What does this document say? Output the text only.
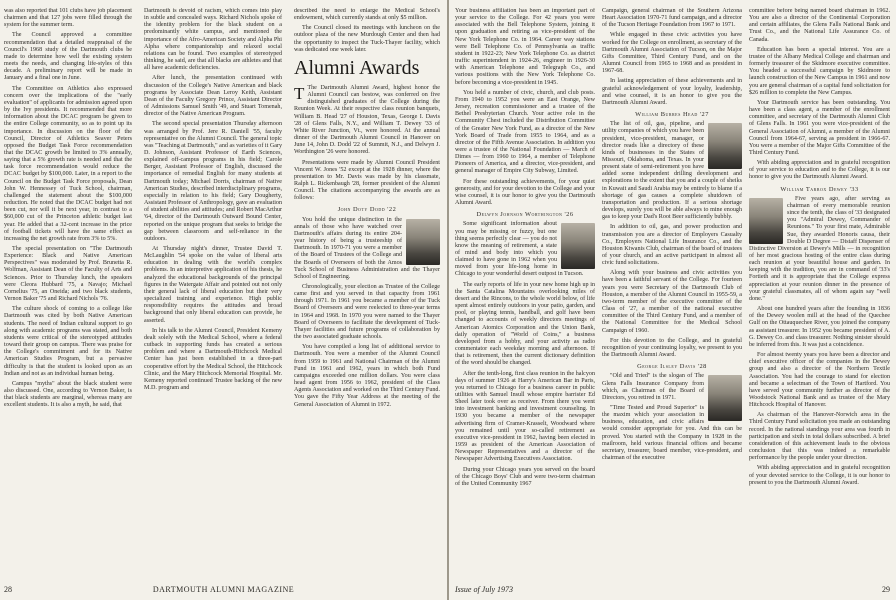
was also reported that 101 clubs have job placement chairmen and that 127 jobs were filled through the system for the summer term.

The Council approved a committee recommendation that a detailed reappraisal of the Council's 1968 study of the Dartmouth clubs be made to determine how well the existing system meets the needs, and changing life-styles of this decade. A preliminary report will be made in January and a final one in June.

The Committee on Athletics also expressed concern over the implications of the "early evaluation" of applicants for admission agreed upon by the Ivy presidents. It recommended that more information about the DCAC program be given to the entire College community, so as to point up its importance. In discussion on the floor of the Council, Director of Athletics Seaver Peters opposed the Budget Task Force recommendation that the DCAC growth be limited to 3% annually, saying that a 5% growth rate is needed and that the task force recommendation would reduce the DCAC budget by $100,000. Later, in a report to the Council on the Budget Task Force proposals, Dean John W. Hennessey of Tuck School, chairman, challenged the statement about the $100,000 reduction. He noted that the DCAC budget had not been cut, nor will it be next year, in contrast to a $60,000 cut of the Princeton athletic budget last year. He added that a 32-cent increase in the price of football tickets will have the same effect as increasing the net growth rate from 3% to 5%.

The special presentation on "The Dartmouth Experience: Black and Native American Perspectives" was moderated by Prof. Brunetta R. Wolfman, Assistant Dean of the Faculty of Arts and Sciences. Prior to Thursday lunch, the speakers were Cleora Hubbard '75, a Navajo; Michael Cornelius '75, an Oneida; and two black students, Vernon Baker '75 and Richard Nichols '76.

The culture shock of coming to a college like Dartmouth was cited by both Native American students. The need of Indian cultural support to go along with academic programs was stated, and both students were critical of the stereotyped attitudes toward their group on campus. There was praise for the College's commitment and for its Native American Studies Program, but a pervasive difficulty is that the student is looked upon as an Indian and not as an individual human being.

Campus "myths" about the black student were also discussed. One, according to Vernon Baker, is that black students are marginal, whereas many are excellent students. It is also a myth, he said, that

Dartmouth is devoid of racism, which comes into play in subtle and concealed ways. Richard Nichols spoke of the identity problem for the black student on a predominantly white campus, and mentioned the importance of the Afro-American Society and Alpha Phi Alpha where companionship and relaxed social relations can be found. Two examples of stereotyped thinking, he said, are that all blacks are athletes and that all have academic deficiencies.

After lunch, the presentation continued with discussion of the College's Native American and black programs by Associate Dean Leroy Keith, Assistant Dean of the Faculty Gregory Prince, Assistant Director of Admissions Samuel Smith '49, and Stuart Tomenah, director of the Native American Program.

The second special presentation Thursday afternoon was arranged by Prof. Jere R. Daniell '55, faculty representative on the Alumni Council. The general topic was "Teaching at Dartmouth," and as varieties of it Gary D. Johnson, Assistant Professor of Earth Sciences, explained off-campus programs in his field; Carole Berger, Assistant Professor of English, discussed the importance of remedial English for many students at Dartmouth today; Michael Dorris, chairman of Native American Studies, described interdisciplinary programs, especially in relation to his field; Gary Dougherty, Assistant Professor of Anthropology, gave an evaluation of student abilities and attitudes; and Robert MacArthur '64, director of the Dartmouth Outward Bound Center, reported on the unique program that seeks to bridge the gap between classroom and self-reliance in the outdoors.

At Thursday night's dinner, Trustee David T. McLaughlin '54 spoke on the value of liberal arts education in dealing with the world's complex problems. In an interpretive application of his thesis, he analyzed the educational backgrounds of the principal figures in the Watergate Affair and pointed out not only their general lack of liberal education but their very specialized training and experience. High public responsibility requires the attitudes and broad background that only liberal education can provide, he asserted.

In his talk to the Alumni Council, President Kemeny dealt solely with the Medical School, where a federal cutback in supporting funds has created a serious problem and where a Dartmouth-Hitchcock Medical Center has just been established in a three-part cooperative effort by the Medical School, the Hitchcock Clinic, and the Mary Hitchcock Memorial Hospital. Mr. Kemeny reported continued Trustee backing of the new M.D. program and

described the need to enlarge the Medical School's endowment, which currently stands at only $5 million.

The Council closed its meetings with luncheon on the outdoor plaza of the new Murdough Center and then had the opportunity to inspect the Tuck-Thayer facility, which was dedicated one week later.

Alumni Awards

T The Dartmouth Alumni Award, highest honor the Alumni Council can bestow, was conferred on five distinguished graduates of the College during the Reunion Week. At their respective class reunion banquets, William B. Head '27 of Houston, Texas, George I. Davis '28 of Glens Falls, N.Y., and William T. Dewey '33 of White River Junction, Vt., were honored. At the annual dinner of the Dartmouth Alumni Council in Hanover on June 14, John D. Dodd '22 of Summit, N.J., and Delwyn J. Worthington '26 were honored.

Presentations were made by Alumni Council President Vincent W. Jones '52 except at the 1928 dinner, where the presentation to Mr. Davis was made by his classmate, Ralph L. Rickenbaugh '28, former president of the Alumni Council. The citations accompanying the awards are as follows:

John Doty Dodd '22

You hold the unique distinction in the annals of those who have watched over Dartmouth's affairs during its entire 204-year history of being a trusteeship of Dartmouth. In 1970-71 you were a member of the Board of Trustees of the College and the Boards of Overseers of both the Amos Tuck School of Business Administration and the Thayer School of Engineering.

Chronologically, your election as Trustee of the College came first and you served in that capacity from 1961 through 1971. In 1961 you became a member of the Tuck Board of Overseers and were reelected to three-year terms in 1964 and 1968. In 1970 you were named to the Thayer Board of Overseers to facilitate the development of Tuck-Thayer facilities and future programs of collaboration by the two associated graduate schools.

You have compiled a long list of additional service to Dartmouth. You were a member of the Alumni Council from 1959 to 1961 and National Chairman of the Alumni Fund in 1961 and 1962, years in which both Fund campaigns exceeded one million dollars. You were class head agent from 1956 to 1962, president of the Class Agents Association and worked on the Third Century Fund. You gave the Fifty Year Address at the meeting of the General Association of Alumni in 1972.

28	DARTMOUTH ALUMNI MAGAZINE

Your business affiliation has been an important part of your service to the College. For 42 years you were associated with the Bell Telephone System, joining it upon graduation and retiring as vice-president of the New York Telephone Co. in 1964. Career way stations were Bell Telephone Co. of Pennsylvania as traffic student in 1922-23; New York Telephone Co. as district traffic superintendent in 1924-26, engineer in 1926-30 with American Telephone and Telegraph Co., and various positions with the New York Telephone Co. before becoming a vice-president in 1945.

You held a number of civic, church, and club posts. From 1940 to 1952 you were an East Orange, New Jersey, recreation commissioner and a trustee of the Bethel Presbyterian Church. Your active role in the Community Chest included the Distribution Committee of the Greater New York Fund, as a director of the New York Board of Trade from 1955 to 1964, and as a director of the Fifth Avenue Association. In addition you were a trustee of the National Foundation — March of Dimes — from 1960 to 1964, a member of Telephone Pioneers of America, and a director, vice-president, and general manager of Empire City Subway, Limited.

For these outstanding achievements, for your quiet generosity, and for your devotion to the College and your wise counsel, it is our honor to give you the Dartmouth Alumni Award.

Delwyn Johnson Worthington '26

Some significant information about you may be missing or fuzzy, but one thing seems perfectly clear — you do not know the meaning of retirement, a state of mind and body into which you claimed to have gone in 1962 when you moved from your life-long home in Chicago to your wonderful desert outpost in Tucson.

The early reports of life in your new home high up in the Santa Catalina Mountains overlooking miles of desert and the Rincons, to the whole world below, of life spent almost entirely outdoors in your patio, garden, and pool, or playing tennis, handball, and golf have been changed to accounts of weekly directors meetings of American Atomics Corporation and the Union Bank, daily operation of "World of Coins," a business developed from a hobby, and your activity as radio commentator each weekday morning and afternoon. If that is retirement, then the current dictionary definition of the word should be changed.

After the tenth-long, first class reunion in the halcyon days of summer 1926 at Harry's American Bar in Paris, you returned to Chicago for a business career in public utilities with Samuel Insull whose empire barrister Ed Sheel later took over as receiver. From there you went into investment banking and investment counseling. In 1930 you became a member of the newspaper advertising firm of Cramer-Krasselt, Woodward where you remained until your so-called retirement as executive vice-president in 1962, having been elected in 1959 as president of the American Association of Newspaper Representatives and a director of the Newspaper Advertising Executives Association.

During your Chicago years you served on the board of the Chicago Boys' Club and were two-term chairman of the United Community 1967

Campaign, general chairman of the Southern Arizona Heart Association 1970-71 fund campaign, and a director of the Tucson Heritage Foundation from 1967 to 1971.

While engaged in these civic activities you have worked for the College on enrollment, as secretary of the Dartmouth Alumni Association of Tucson, on the Major Gifts Committee, Third Century Fund, and on the Alumni Council from 1965 to 1968 and as president in 1967-68.

In lasting appreciation of these achievements and in grateful acknowledgement of your loyalty, leadership, and wise counsel, it is an honor to give you the Dartmouth Alumni Award.

William Burres Head '27

The list of oil, gas, pipeline, and utility companies of which you have been president, vice-president, manager, or director reads like a directory of these kinds of businesses in the States of Missouri, Oklahoma, and Texas. In your present state of semi-retirement you have added some independent drilling development and explorations to the extent that you and a couple of sheiks in Kuwait and Saudi Arabia may be entirely to blame if a shortage of gas causes a complete shutdown of transportation and production. If a serious shortage develops, surely you will be able always to mine enough gas to keep your Dad's Root Beer sufficiently bubbly.

In addition to oil, gas, and power production and transmission you are a director of Employers Casualty Co., Employers National Life Insurance Co., and the Houston Kiwanis Club, chairman of the board of trustees of your church, and an active participant in almost all civic fund solicitations.

Along with your business and civic activities you have been a faithful servant of the College. For fourteen years you were Secretary of the Dartmouth Club of Houston, a member of the Alumni Council in 1955-59, a two-term member of the executive committee of the Class of '27, a member of the national executive committee of the Third Century Fund, and a member of the National Committee for the Medical School Campaign of 1960.

For this devotion to the College, and in grateful recognition of your continuing loyalty, we present to you the Dartmouth Alumni Award.

George Ilsley Davis '28

"Old and Tried" is the slogan of The Glens Falls Insurance Company from which, as Chairman of the Board of Directors, you retired in 1971.

"Time Tested and Proud Superior" is the maxim which your association in business, education, and civic affairs would consider appropriate for you. And this can be proved. You started with the Company in 1928 in the mailroom, held various financial offices and became secretary, treasurer, board member, vice-president, and chairman of the executive

committee before being named board chairman in 1962. You are also a director of the Continental Corporation and certain affiliates, the Glens Falls National Bank and Trust Co., and the National Life Assurance Co. of Canada.

Education has been a special interest. You are a trustee of the Albany Medical College and chairman and formerly treasurer of the Skidmore executive committee. You headed a successful campaign by Skidmore to launch construction of the New Campus in 1961 and now you are general chairman of a capital fund solicitation for $26 million to complete the New Campus.

Your Dartmouth service has been outstanding. You have been a class agent, a member of the enrollment committee, and secretary of the Dartmouth Alumni Club of Glens Falls. In 1961 you were vice-president of the General Association of Alumni, a member of the Alumni Council from 1964-67, serving as president in 1966-67. You were a member of the Major Gifts Committee of the Third Century Fund.

With abiding appreciation and in grateful recognition of your service to education and to the College, it is our honor to give you the Dartmouth Alumni Award.

William Tarbox Dewey '33

Five years ago, after serving as chairman of every memorable reunion since the tenth, the class of '33 designated you "Admiral Dewey, Commander of Reunions." To your first mate, Admirable Sue, they awarded Honoris causa, their Double D Degree — Distaff Dispenser of Distinctive Diversion at Dewey's Mills — in recognition of her most gracious hosting of the entire class during each reunion at your beautiful house and garden. In keeping with the tradition, you are in command of '33's Fortieth and it is appropriate that the College express appreciation at your reunion dinner in the presence of your grateful classmates, all of whom again say "well done."

About one hundred years after the founding in 1836 of the Dewey woolen mill at the head of the Quechee Gulf on the Ottauquechee River, you joined the company as assistant treasurer. In 1952 you became president of A. G. Dewey Co. and class treasurer. Nothing sinister should be inferred from this. It was just a coincidence.

For almost twenty years you have been a director and chief executive officer of the companies in the Dewey group and also a director of the Northern Textile Association. You had the courage to stand for election and became a selectman of the Town of Hartford. You have served your community further as director of the Woodstock National Bank and as trustee of the Mary Hitchcock Hospital of Hanover.

As chairman of the Hanover-Norwich area in the Third Century Fund solicitation you made an outstanding record. In the national standings your area was fourth in participation and sixth in total dollars subscribed. A brief consideration of this achievement leads to the obvious conclusion that this was indeed a remarkable performance by the people under your direction.

With abiding appreciation and in grateful recognition of your devoted service to the College, it is our honor to present to you the Dartmouth Alumni Award.

Issue of July 1973	29
